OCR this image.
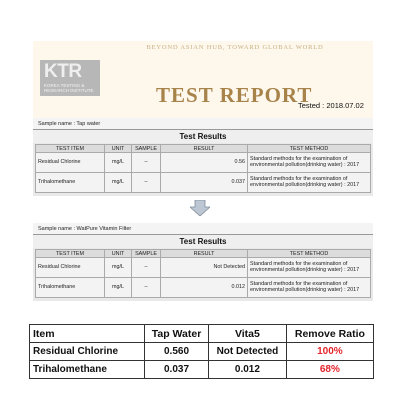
BEYOND ASIAN HUB, TOWARD GLOBAL WORLD
KTR
KOREA TESTING & RESEARCH INSTITUTE	TEST REPORT
Tested : 2018.07.02
Sample name : Tap water
Test Results
TEST ITEM	UNIT	SAMPLE	RESULT	TEST METHOD
Residual Chlorine	mg/L	–	0.56	Standard methods for the examination of environmental pollution(drinking water) : 2017
Trihalomethane	mg/L	–	0.037	Standard methods for the examination of environmental pollution(drinking water) : 2017
Sample name : WatPure Vitamin Filter
Test Results
TEST ITEM	UNIT	SAMPLE	RESULT	TEST METHOD
Residual Chlorine	mg/L	–	Not Detected	Standard methods for the examination of environmental pollution(drinking water) : 2017
Trihalomethane	mg/L	–	0.012	Standard methods for the examination of environmental pollution(drinking water) : 2017
Item	Tap Water	Vita5	Remove Ratio
Residual Chlorine	0.560	Not Detected	100%
Trihalomethane	0.037	0.012	68%
